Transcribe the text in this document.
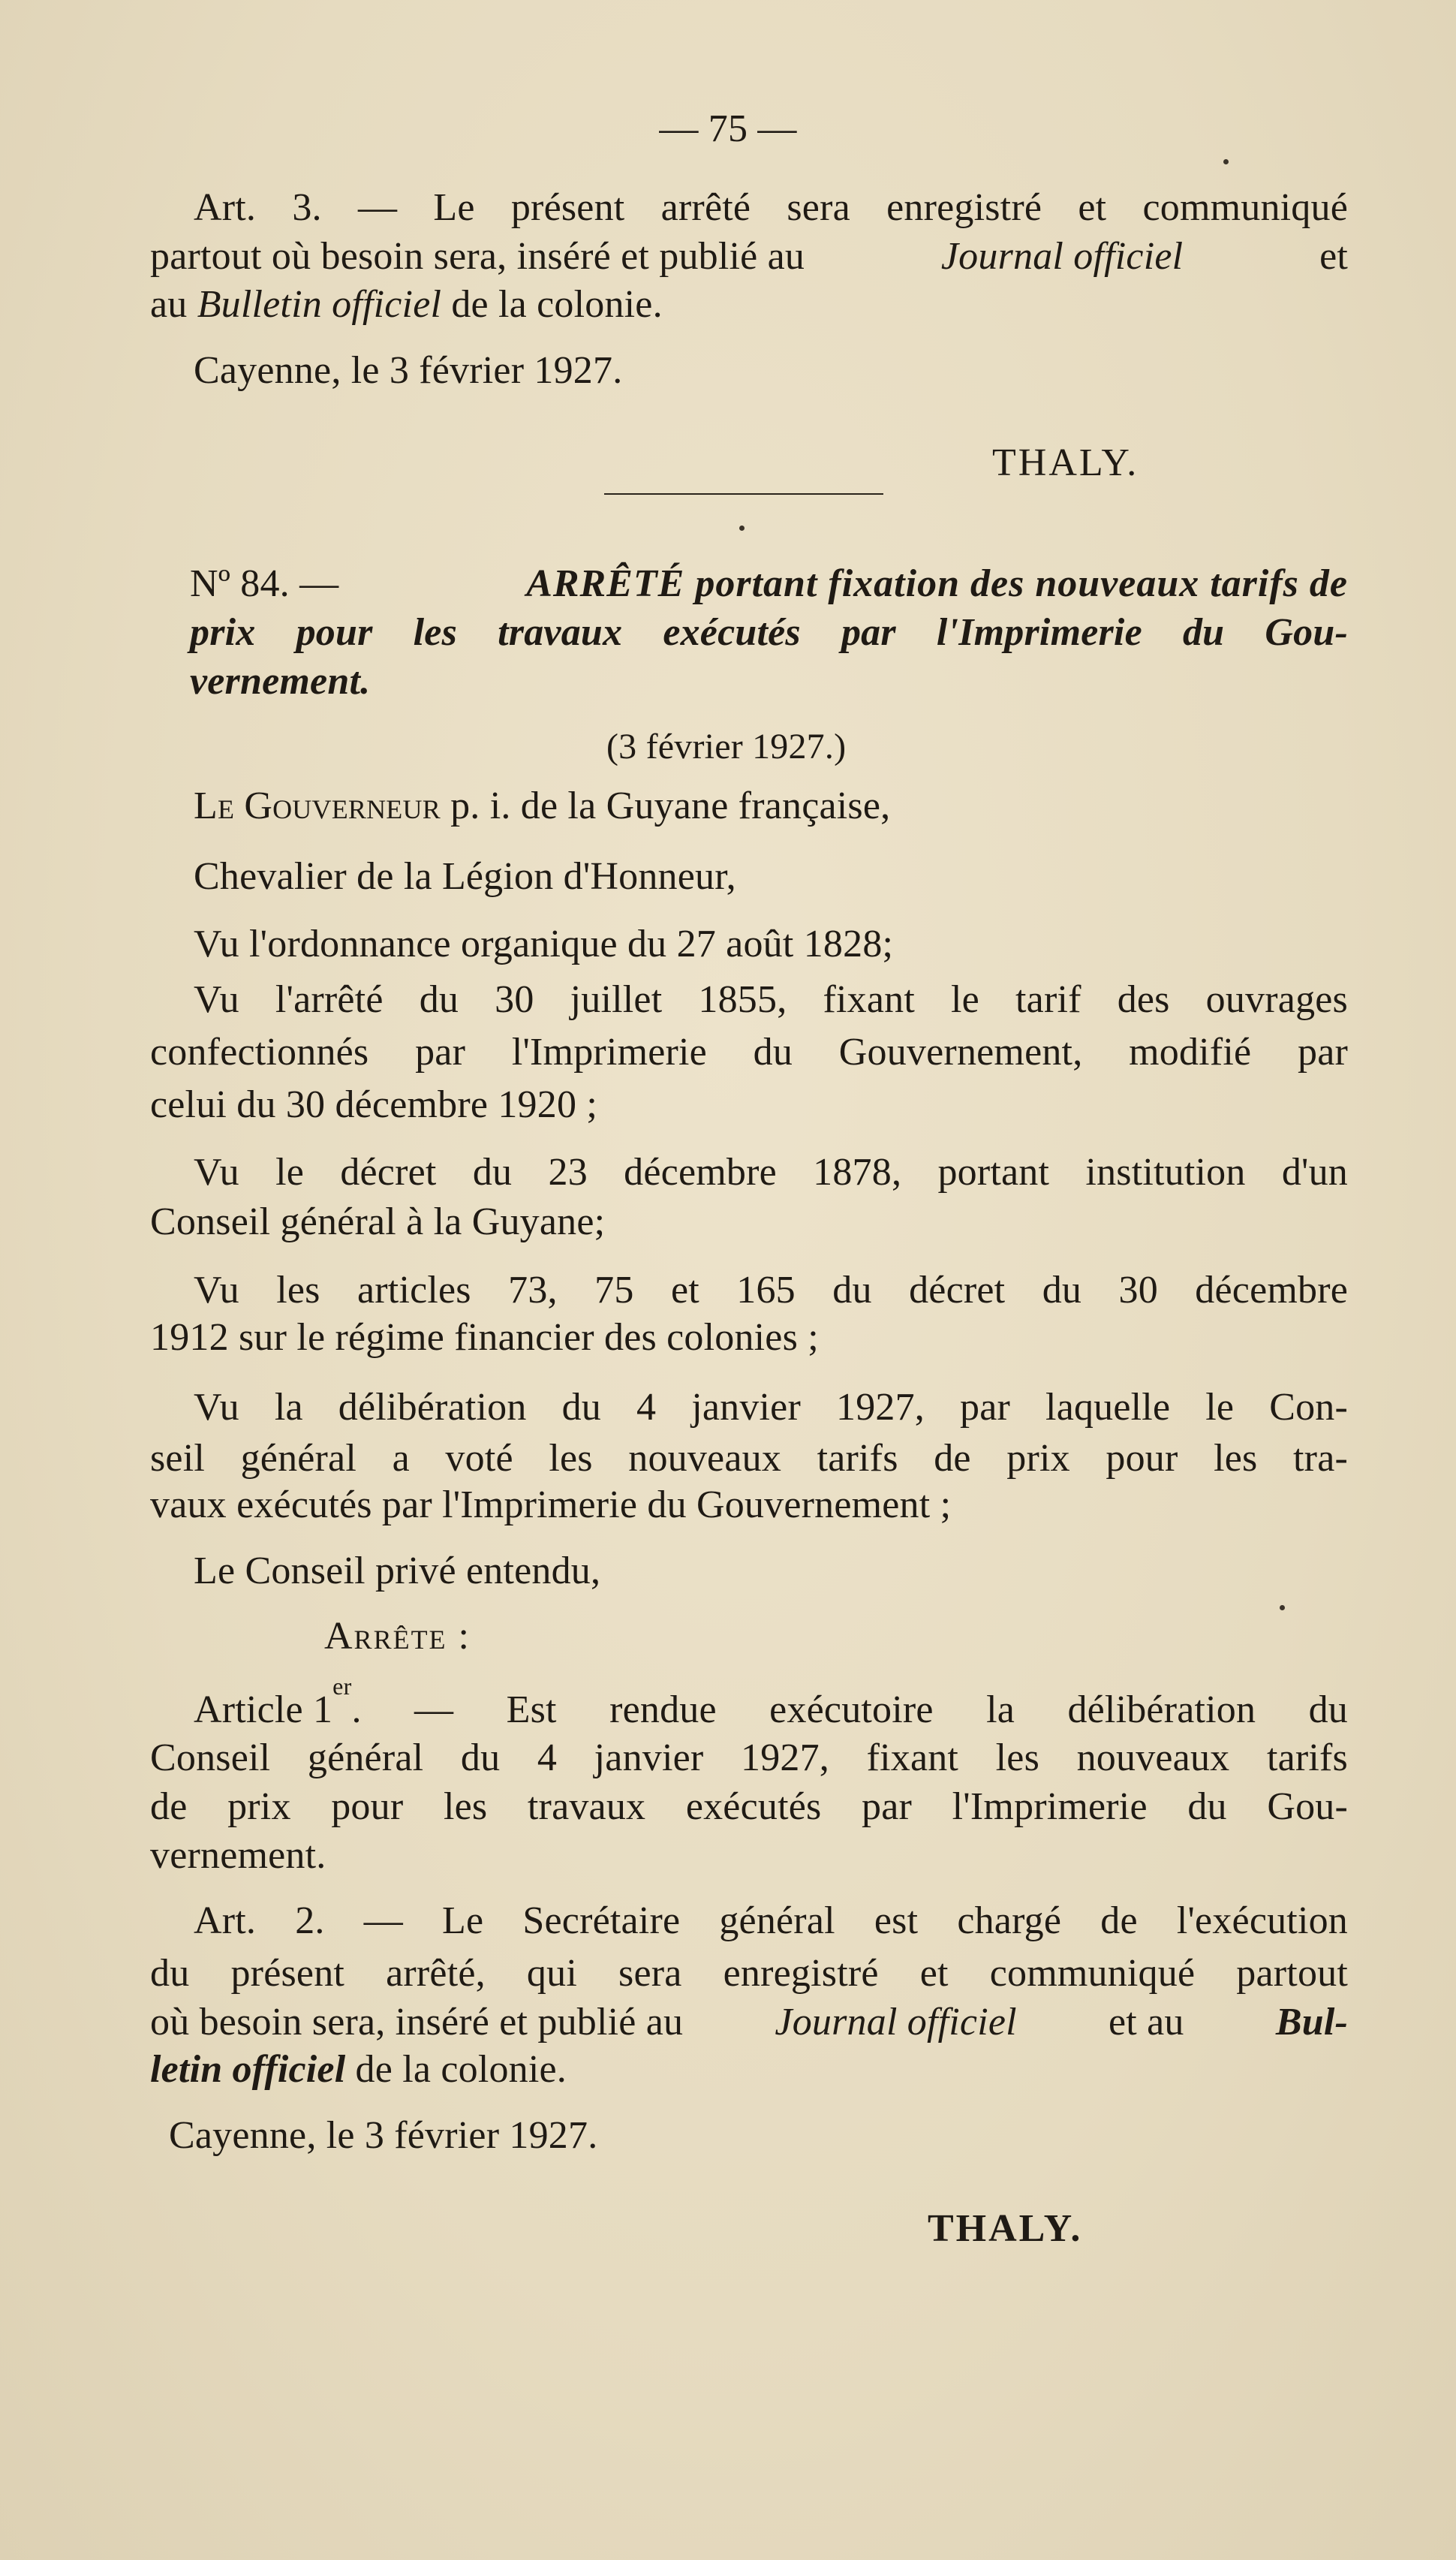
— 75 —
Art. 3. — Le présent arrêté sera enregistré et communiqué
partout où besoin sera, inséré et publié au	Journal officiel	et
au Bulletin officiel de la colonie.
Cayenne, le 3 février 1927.
THALY.
Nº 84. —	ARRÊTÉ portant fixation des nouveaux tarifs de
prix pour les travaux exécutés par l'Imprimerie du Gou-
vernement.
(3 février 1927.)
Le Gouverneur p. i. de la Guyane française,
Chevalier de la Légion d'Honneur,
Vu l'ordonnance organique du 27 août 1828;
Vu l'arrêté du 30 juillet 1855, fixant le tarif des ouvrages
confectionnés par l'Imprimerie du Gouvernement, modifié par
celui du 30 décembre 1920 ;
Vu le décret du 23 décembre 1878, portant institution d'un
Conseil général à la Guyane;
Vu les articles 73, 75 et 165 du décret du 30 décembre
1912 sur le régime financier des colonies ;
Vu la délibération du 4 janvier 1927, par laquelle le Con-
seil général a voté les nouveaux tarifs de prix pour les tra-
vaux exécutés par l'Imprimerie du Gouvernement ;
Le Conseil privé entendu,
Arrête :
Article 1
er
. — Est rendue exécutoire la délibération du
Conseil général du 4 janvier 1927, fixant les nouveaux tarifs
de prix pour les travaux exécutés par l'Imprimerie du Gou-
vernement.
Art. 2. — Le Secrétaire général est chargé de l'exécution
du présent arrêté, qui sera enregistré et communiqué partout
où besoin sera, inséré et publié au Journal officiel et au Bul-
letin officiel de la colonie.
Cayenne, le 3 février 1927.
THALY.
